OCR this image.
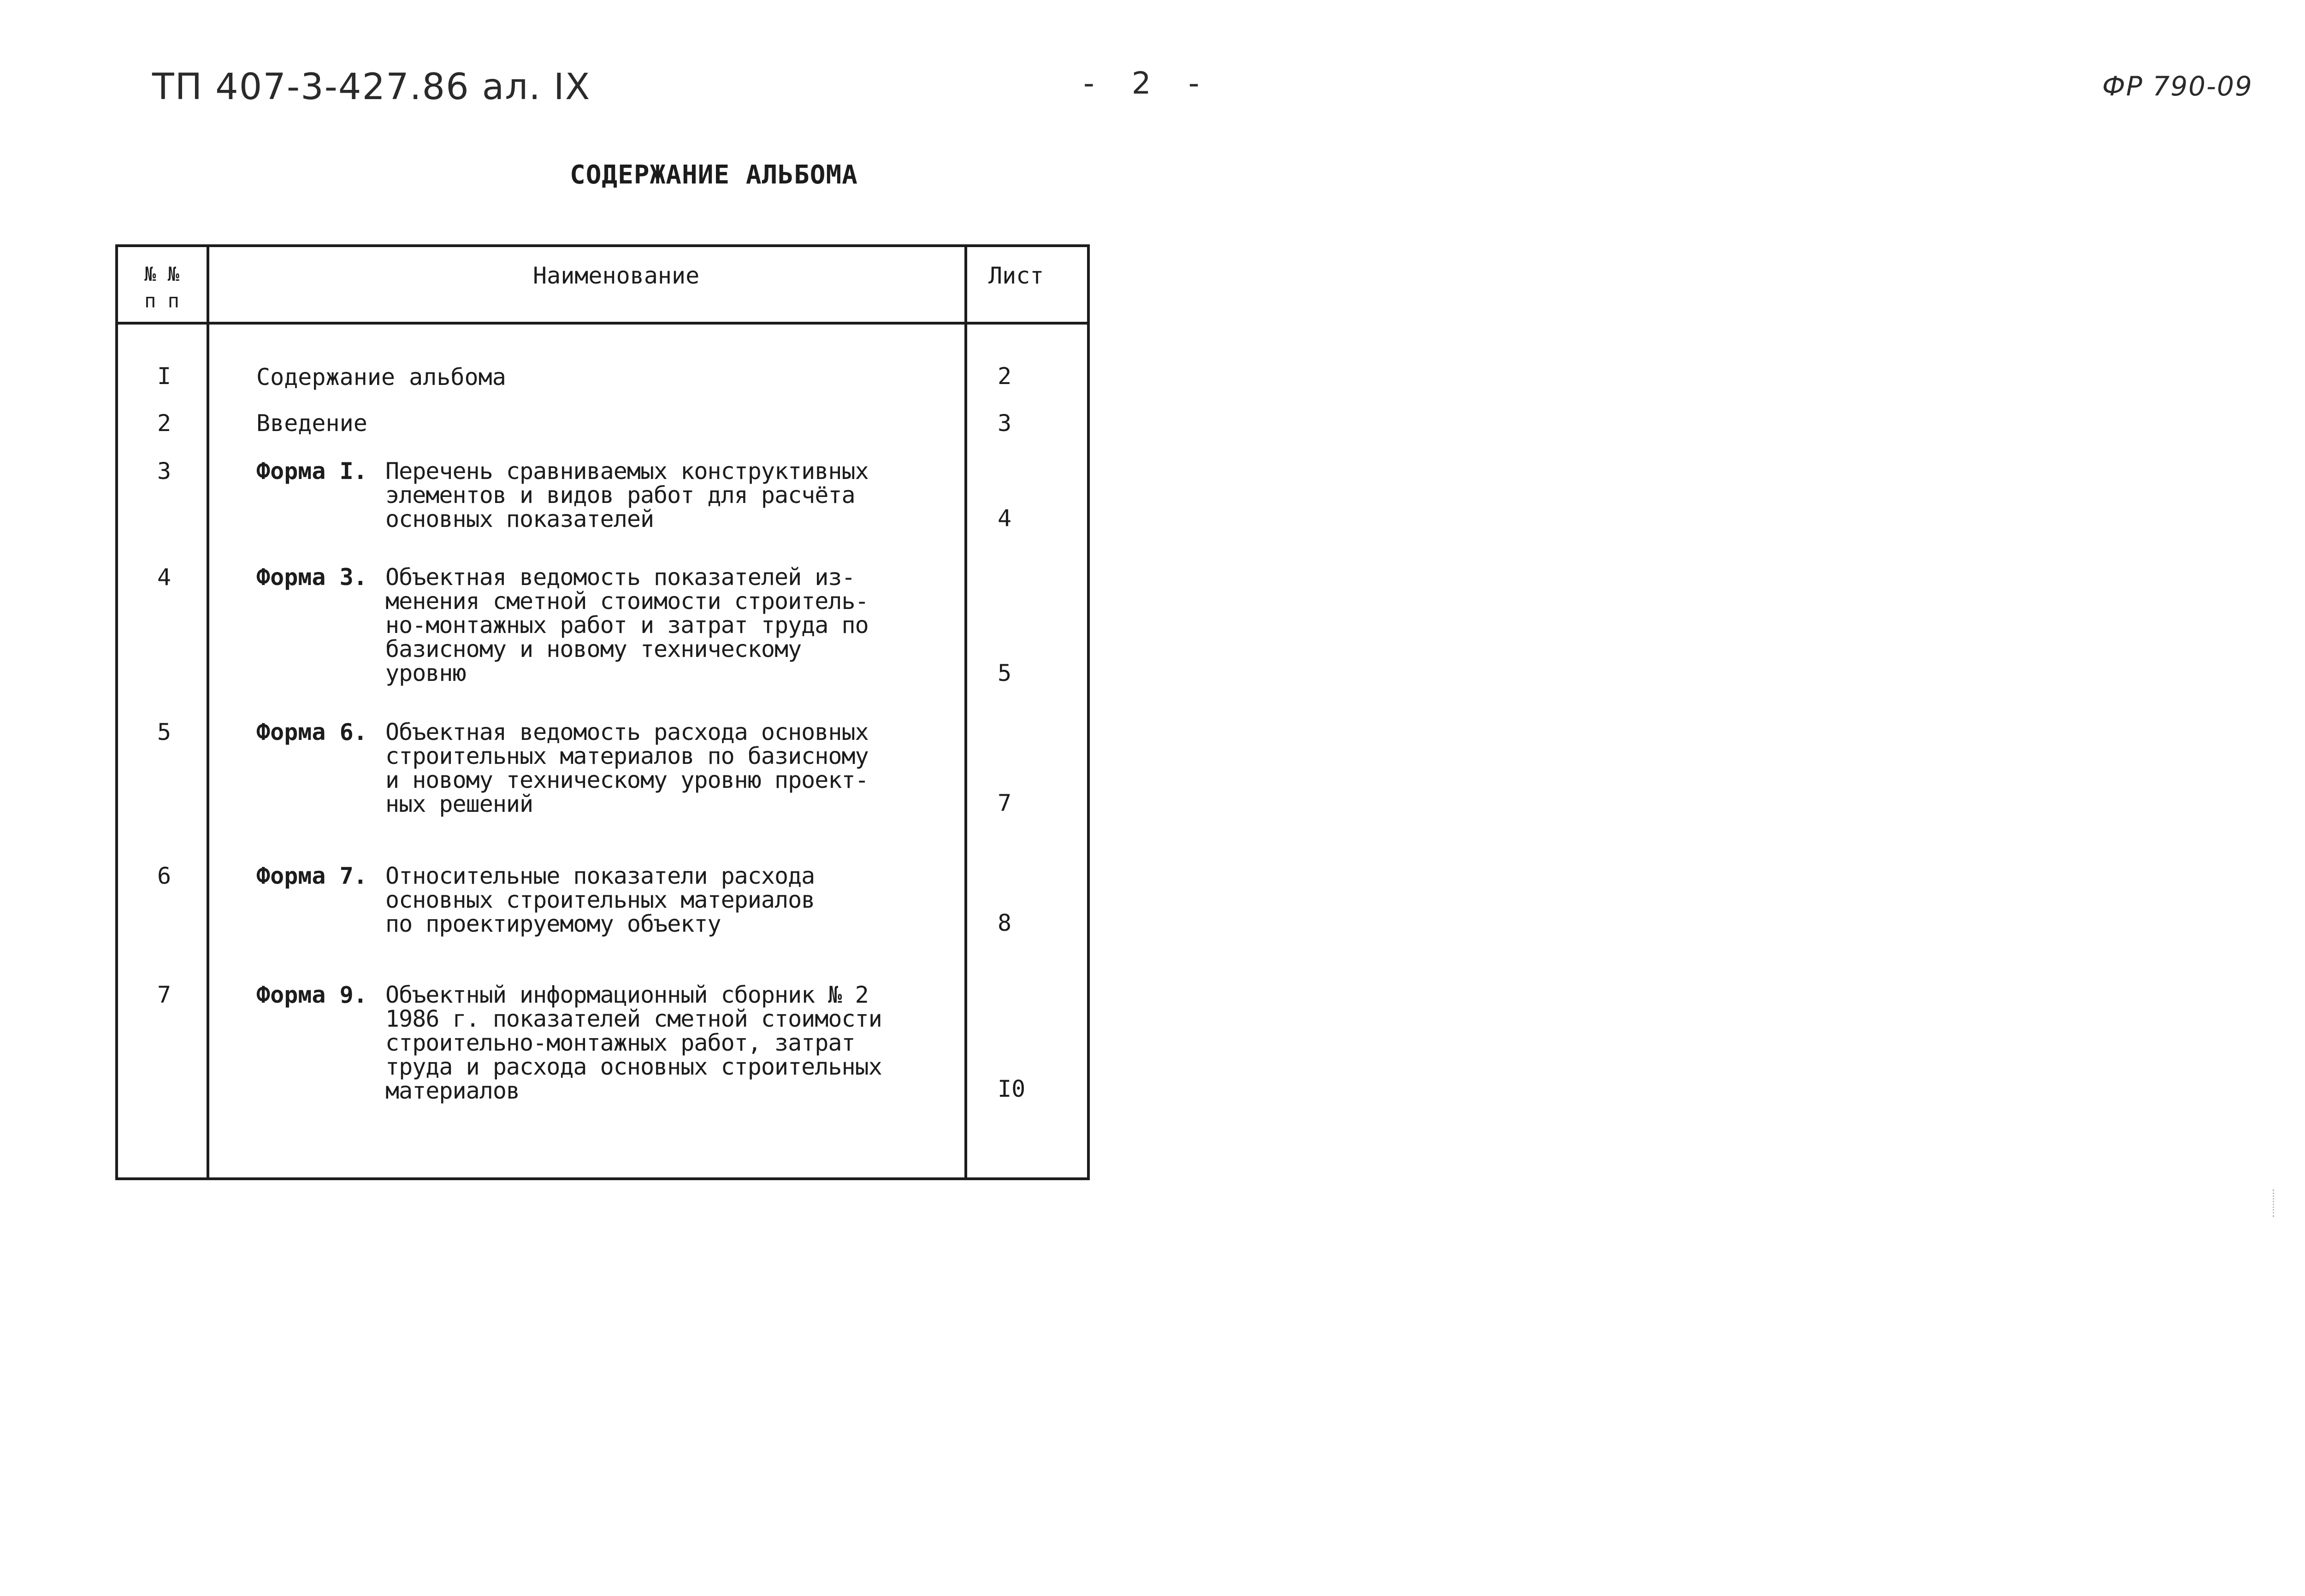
ТП 407-3-427.86 ал. IX	- 2 -	ФР 790-09
СОДЕРЖАНИЕ АЛЬБОМА
№ №
п п
Наименование	Лист
I	Содержание альбома	2
2	Введение	3
3	Форма I. Перечень сравниваемых конструктивных
элементов и видов работ для расчёта
основных показателей	4
4	Форма 3. Объектная ведомость показателей из-
менения сметной стоимости строитель-
но-монтажных работ и затрат труда по
базисному и новому техническому
уровню	5
5	Форма 6. Объектная ведомость расхода основных
строительных материалов по базисному
и новому техническому уровню проект-
ных решений	7
6	Форма 7. Относительные показатели расхода
основных строительных материалов
по проектируемому объекту	8
7	Форма 9. Объектный информационный сборник № 2
1986 г. показателей сметной стоимости
строительно-монтажных работ, затрат
труда и расхода основных строительных
материалов	I0
